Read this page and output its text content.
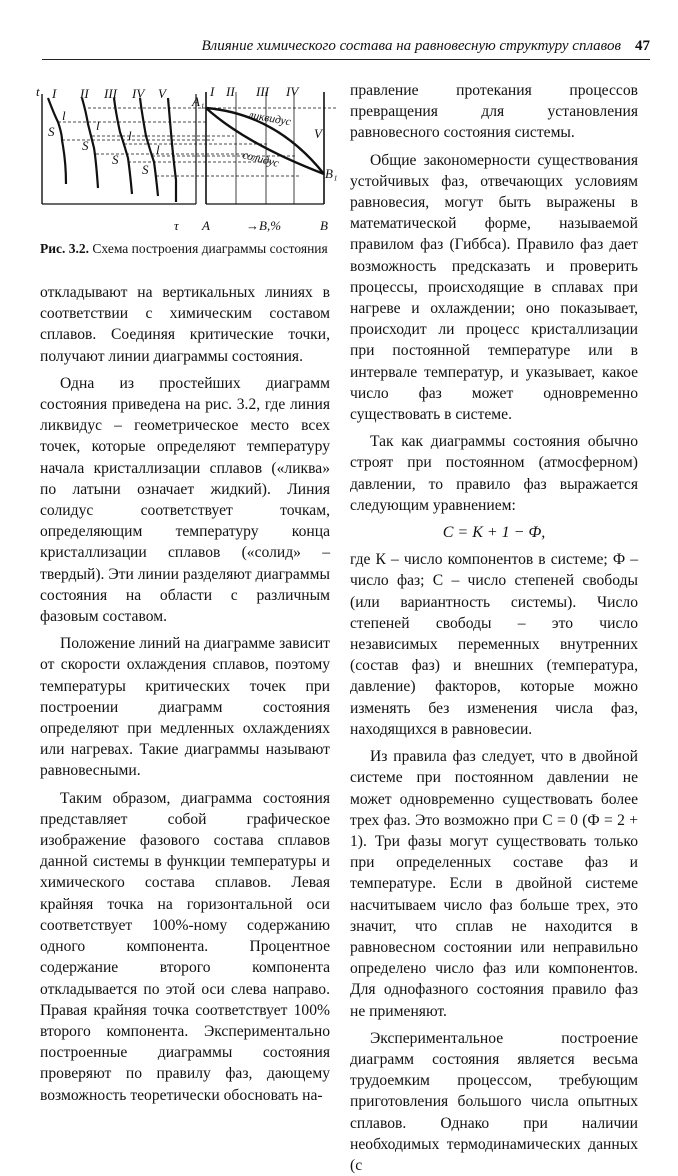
Влияние химического состава на равновесную структуру сплавов 47
t I II III IV V
l
S	l
S
l
S
l
S
I II III IV
V
A₁
B₁
ликвидус
солидус
τ A	→B,%	B
Рис. 3.2. Схема построения диаграммы состояния

откладывают на вертикальных линиях в соответствии с химическим составом сплавов. Соединяя критические точки, получают линии диаграммы состояния.

Одна из простейших диаграмм состояния приведена на рис. 3.2, где линия ликвидус – геометрическое место всех точек, которые определяют температуру начала кристаллизации сплавов («ликва» по латыни означает жидкий). Линия солидус соответствует точкам, определяющим температуру конца кристаллизации сплавов («солид» – твердый). Эти линии разделяют диаграммы состояния на области с различным фазовым составом.

Положение линий на диаграмме зависит от скорости охлаждения сплавов, поэтому температуры критических точек при построении диаграмм состояния определяют при медленных охлаждениях или нагревах. Такие диаграммы называют равновесными.

Таким образом, диаграмма состояния представляет собой графическое изображение фазового состава сплавов данной системы в функции температуры и химического состава сплавов. Левая крайняя точка на горизонтальной оси соответствует 100%-ному содержанию одного компонента. Процентное содержание второго компонента откладывается по этой оси слева направо. Правая крайняя точка соответствует 100% второго компонента. Экспериментально построенные диаграммы состояния проверяют по правилу фаз, дающему возможность теоретически обосновать на-

правление протекания процессов превращения для установления равновесного состояния системы.

Общие закономерности существования устойчивых фаз, отвечающих условиям равновесия, могут быть выражены в математической форме, называемой правилом фаз (Гиббса). Правило фаз дает возможность предсказать и проверить процессы, происходящие в сплавах при нагреве и охлаждении; оно показывает, происходит ли процесс кристаллизации при постоянной температуре или в интервале температур, и указывает, какое число фаз может одновременно существовать в системе.

Так как диаграммы состояния обычно строят при постоянном (атмосферном) давлении, то правило фаз выражается следующим уравнением:

С = К + 1 − Ф,

где К – число компонентов в системе; Ф – число фаз; С – число степеней свободы (или вариантность системы). Число степеней свободы – это число независимых переменных внутренних (состав фаз) и внешних (температура, давление) факторов, которые можно изменять без изменения числа фаз, находящихся в равновесии.

Из правила фаз следует, что в двойной системе при постоянном давлении не может одновременно существовать более трех фаз. Это возможно при С = 0 (Ф = 2 + 1). Три фазы могут существовать только при определенных составе фаз и температуре. Если в двойной системе насчитываем число фаз больше трех, это значит, что сплав не находится в равновесном состоянии или неправильно определено число фаз или компонентов. Для однофазного состояния правило фаз не применяют.

Экспериментальное построение диаграмм состояния является весьма трудоемким процессом, требующим приготовления большого числа опытных сплавов. Однако при наличии необходимых термодинамических данных (с
